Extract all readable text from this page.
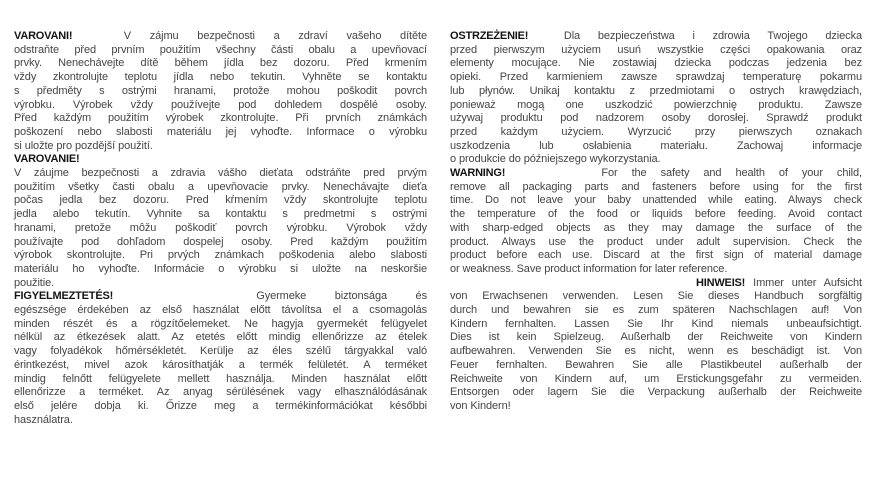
VAROVANI!	V zájmu bezpečnosti a zdraví vašeho dítěte
odstraňte před prvním použitím všechny části obalu a upevňovací
prvky. Nenechávejte dítě během jídla bez dozoru. Před krmením
vždy zkontrolujte teplotu jídla nebo tekutin. Vyhněte se kontaktu
s předměty s ostrými hranami, protože mohou poškodit povrch
výrobku. Výrobek vždy používejte pod dohledem dospělé osoby.
Před každým použitím výrobek zkontrolujte. Při prvních známkách
poškození nebo slabosti materiálu jej vyhoďte. Informace o výrobku
si uložte pro pozdější použití.
VAROVANIE!
V záujme bezpečnosti a zdravia vášho dieťata odstráňte pred prvým
použitím všetky časti obalu a upevňovacie prvky. Nenechávajte dieťa
počas jedla bez dozoru. Pred kŕmením vždy skontrolujte teplotu
jedla alebo tekutín. Vyhnite sa kontaktu s predmetmi s ostrými
hranami, pretože môžu poškodiť povrch výrobku. Výrobok vždy
používajte pod dohľadom dospelej osoby. Pred každým použitím
výrobok skontrolujte. Pri prvých známkach poškodenia alebo slabosti
materiálu ho vyhoďte. Informácie o výrobku si uložte na neskoršie
použitie.
FIGYELMEZTETÉS!	Gyermeke biztonsága és
egészsége érdekében az első használat előtt távolítsa el a csomagolás
minden részét és a rögzítőelemeket. Ne hagyja gyermekét felügyelet
nélkül az étkezések alatt. Az etetés előtt mindig ellenőrizze az ételek
vagy folyadékok hőmérsékletét. Kerülje az éles szélű tárgyakkal való
érintkezést, mivel azok károsíthatják a termék felületét. A terméket
mindig felnőtt felügyelete mellett használja. Minden használat előtt
ellenőrizze a terméket. Az anyag sérülésének vagy elhasználódásának
első jelére dobja ki. Őrizze meg a termékinformációkat későbbi
használatra.
OSTRZEŻENIE!	Dla bezpieczeństwa i zdrowia Twojego dziecka
przed pierwszym użyciem usuń wszystkie części opakowania oraz
elementy mocujące. Nie zostawiaj dziecka podczas jedzenia bez
opieki. Przed karmieniem zawsze sprawdzaj temperaturę pokarmu
lub płynów. Unikaj kontaktu z przedmiotami o ostrych krawędziach,
ponieważ mogą one uszkodzić powierzchnię produktu. Zawsze
używaj produktu pod nadzorem osoby dorosłej. Sprawdź produkt
przed każdym użyciem. Wyrzucić przy pierwszych oznakach
uszkodzenia lub osłabienia materiału. Zachowaj informacje
o produkcie do późniejszego wykorzystania.
WARNING!	For the safety and health of your child,
remove all packaging parts and fasteners before using for the first
time. Do not leave your baby unattended while eating. Always check
the temperature of the food or liquids before feeding. Avoid contact
with sharp-edged objects as they may damage the surface of the
product. Always use the product under adult supervision. Check the
product before each use. Discard at the first sign of material damage
or weakness. Save product information for later reference.
HINWEIS! Immer unter Aufsicht
von Erwachsenen verwenden. Lesen Sie dieses Handbuch sorgfältig
durch und bewahren sie es zum späteren Nachschlagen auf! Von
Kindern fernhalten. Lassen Sie Ihr Kind niemals unbeaufsichtigt.
Dies ist kein Spielzeug. Außerhalb der Reichweite von Kindern
aufbewahren. Verwenden Sie es nicht, wenn es beschädigt ist. Von
Feuer fernhalten. Bewahren Sie alle Plastikbeutel außerhalb der
Reichweite von Kindern auf, um Erstickungsgefahr zu vermeiden.
Entsorgen oder lagern Sie die Verpackung außerhalb der Reichweite
von Kindern!
